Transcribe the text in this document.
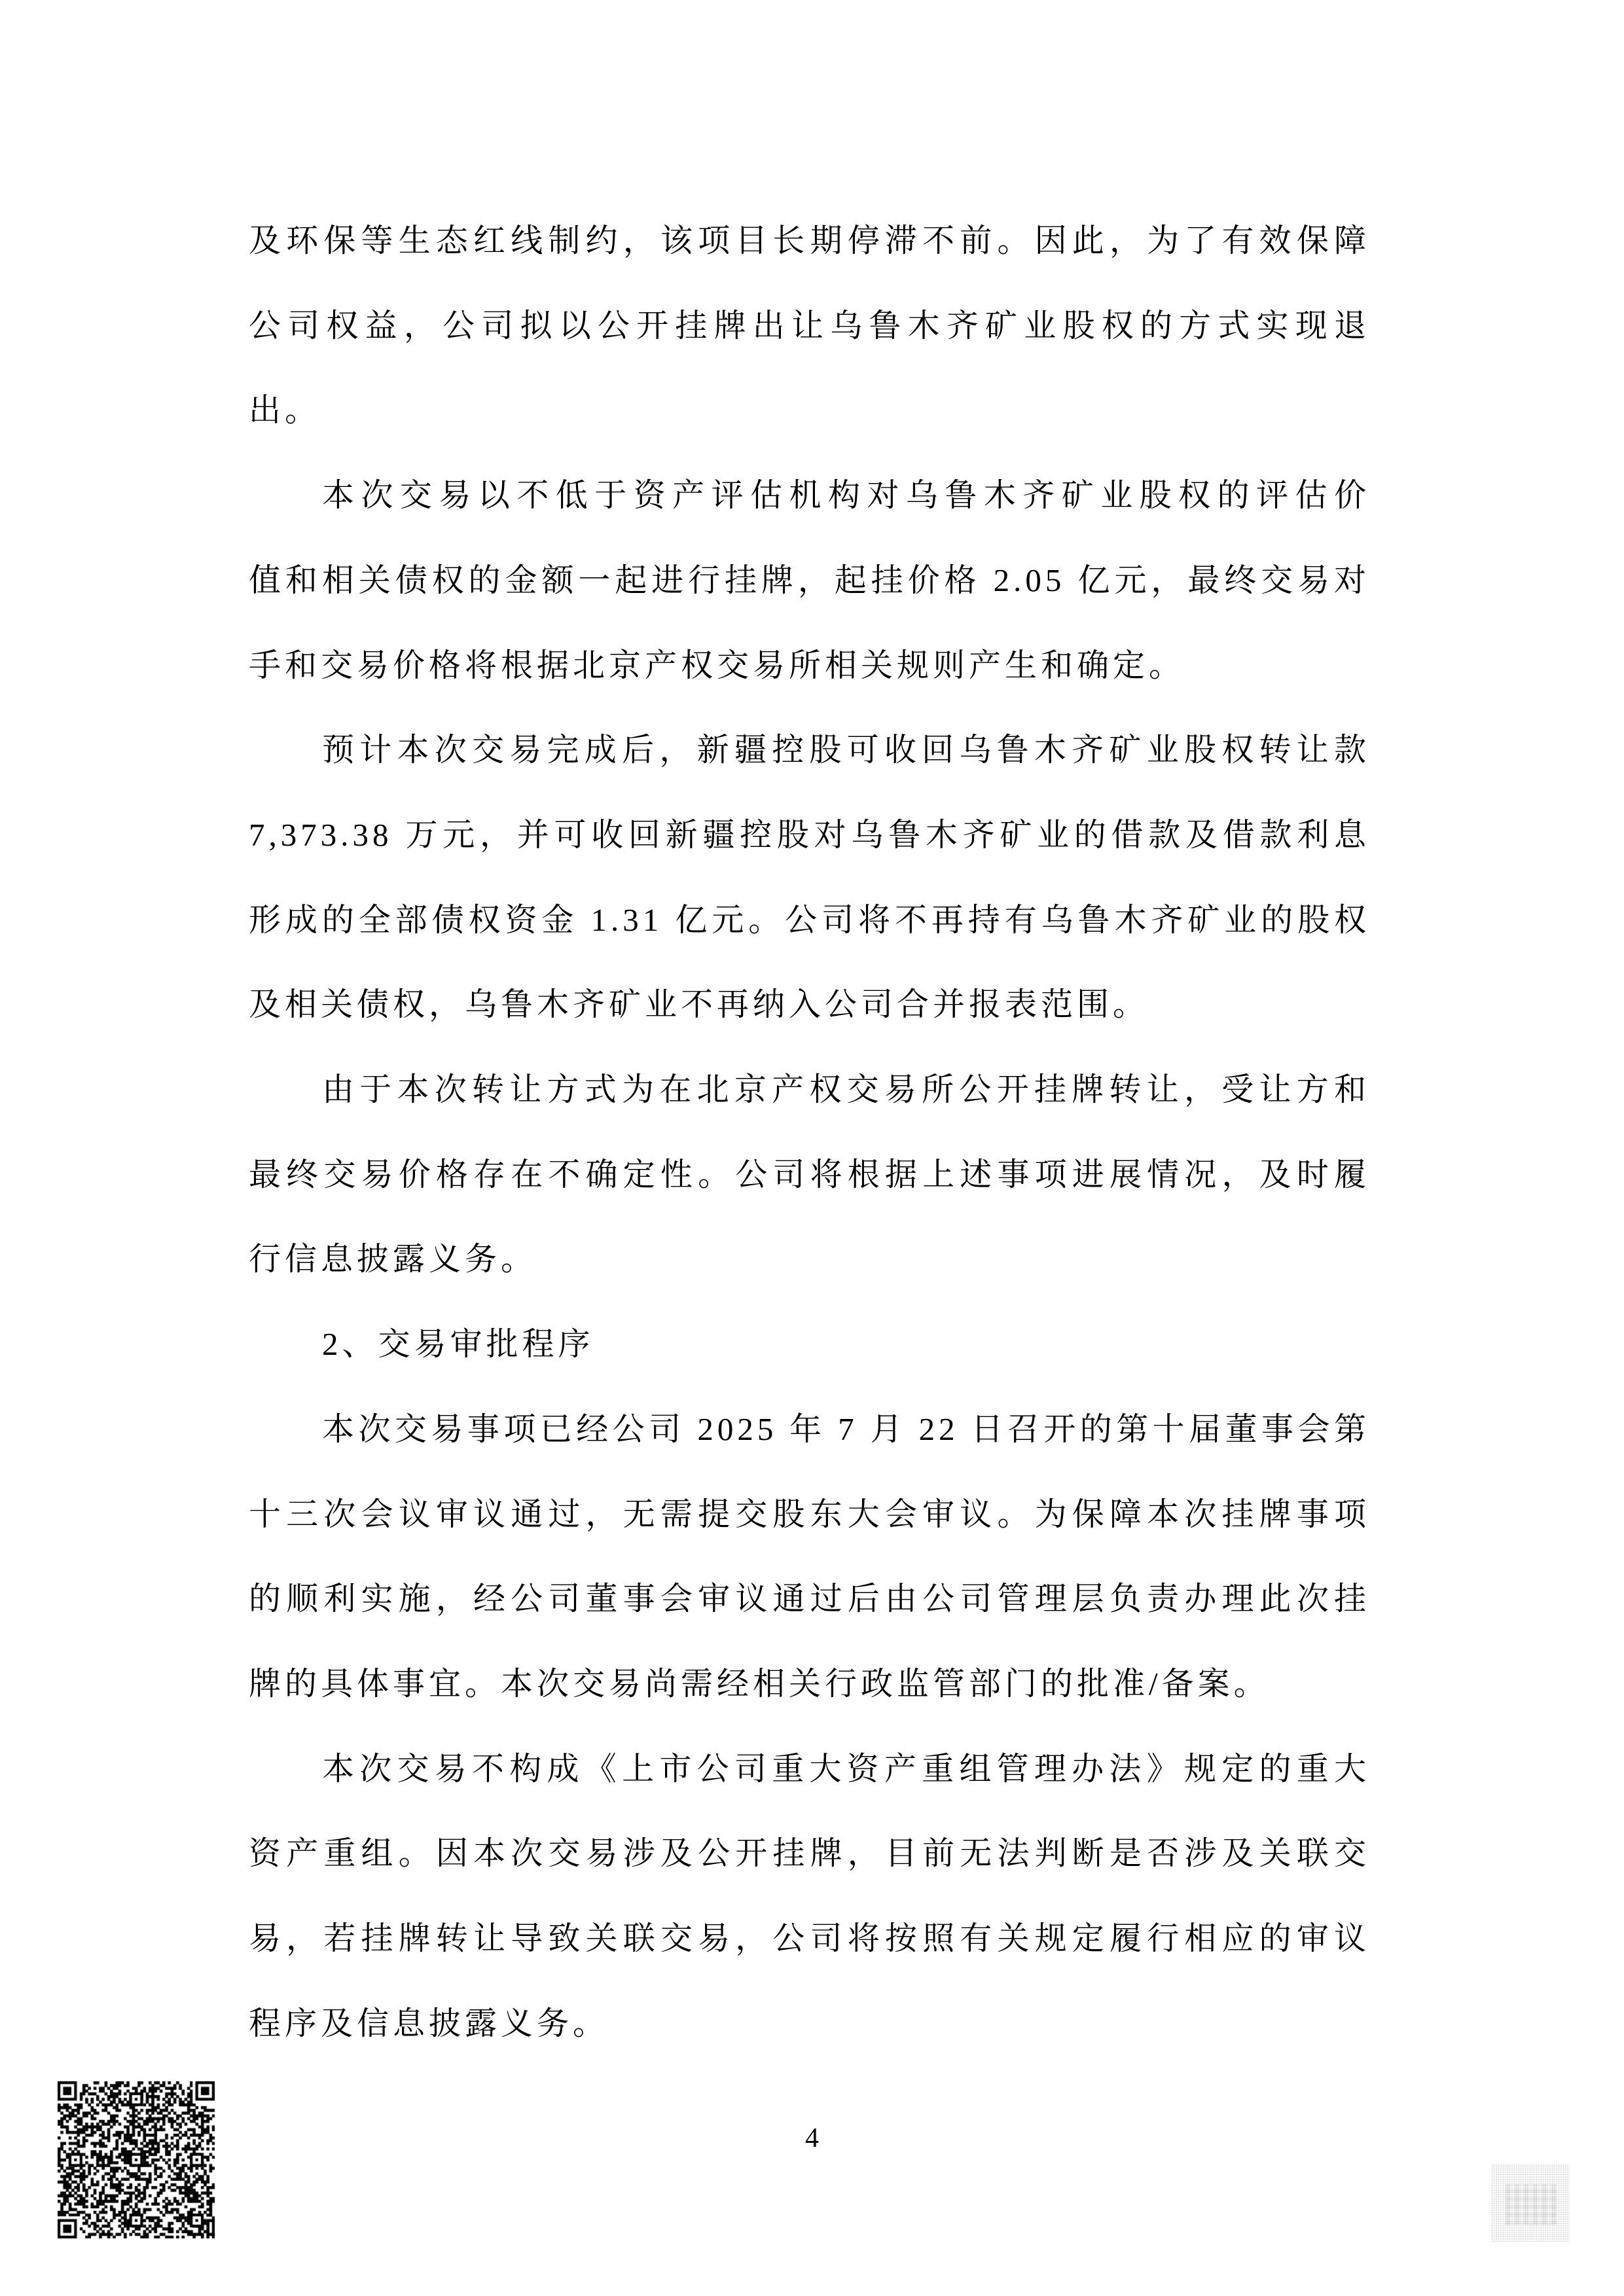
及环保等生态红线制约，该项目长期停滞不前。因此，为了有效保障
公司权益，公司拟以公开挂牌出让乌鲁木齐矿业股权的方式实现退
出。
本次交易以不低于资产评估机构对乌鲁木齐矿业股权的评估价
值和相关债权的金额一起进行挂牌，起挂价格 2.05 亿元，最终交易对
手和交易价格将根据北京产权交易所相关规则产生和确定。
预计本次交易完成后，新疆控股可收回乌鲁木齐矿业股权转让款
7,373.38 万元，并可收回新疆控股对乌鲁木齐矿业的借款及借款利息
形成的全部债权资金 1.31 亿元。公司将不再持有乌鲁木齐矿业的股权
及相关债权，乌鲁木齐矿业不再纳入公司合并报表范围。
由于本次转让方式为在北京产权交易所公开挂牌转让，受让方和
最终交易价格存在不确定性。公司将根据上述事项进展情况，及时履
行信息披露义务。
2、交易审批程序
本次交易事项已经公司 2025 年 7 月 22 日召开的第十届董事会第
十三次会议审议通过，无需提交股东大会审议。为保障本次挂牌事项
的顺利实施，经公司董事会审议通过后由公司管理层负责办理此次挂
牌的具体事宜。本次交易尚需经相关行政监管部门的批准/备案。
本次交易不构成《上市公司重大资产重组管理办法》规定的重大
资产重组。因本次交易涉及公开挂牌，目前无法判断是否涉及关联交
易，若挂牌转让导致关联交易，公司将按照有关规定履行相应的审议
程序及信息披露义务。
4
